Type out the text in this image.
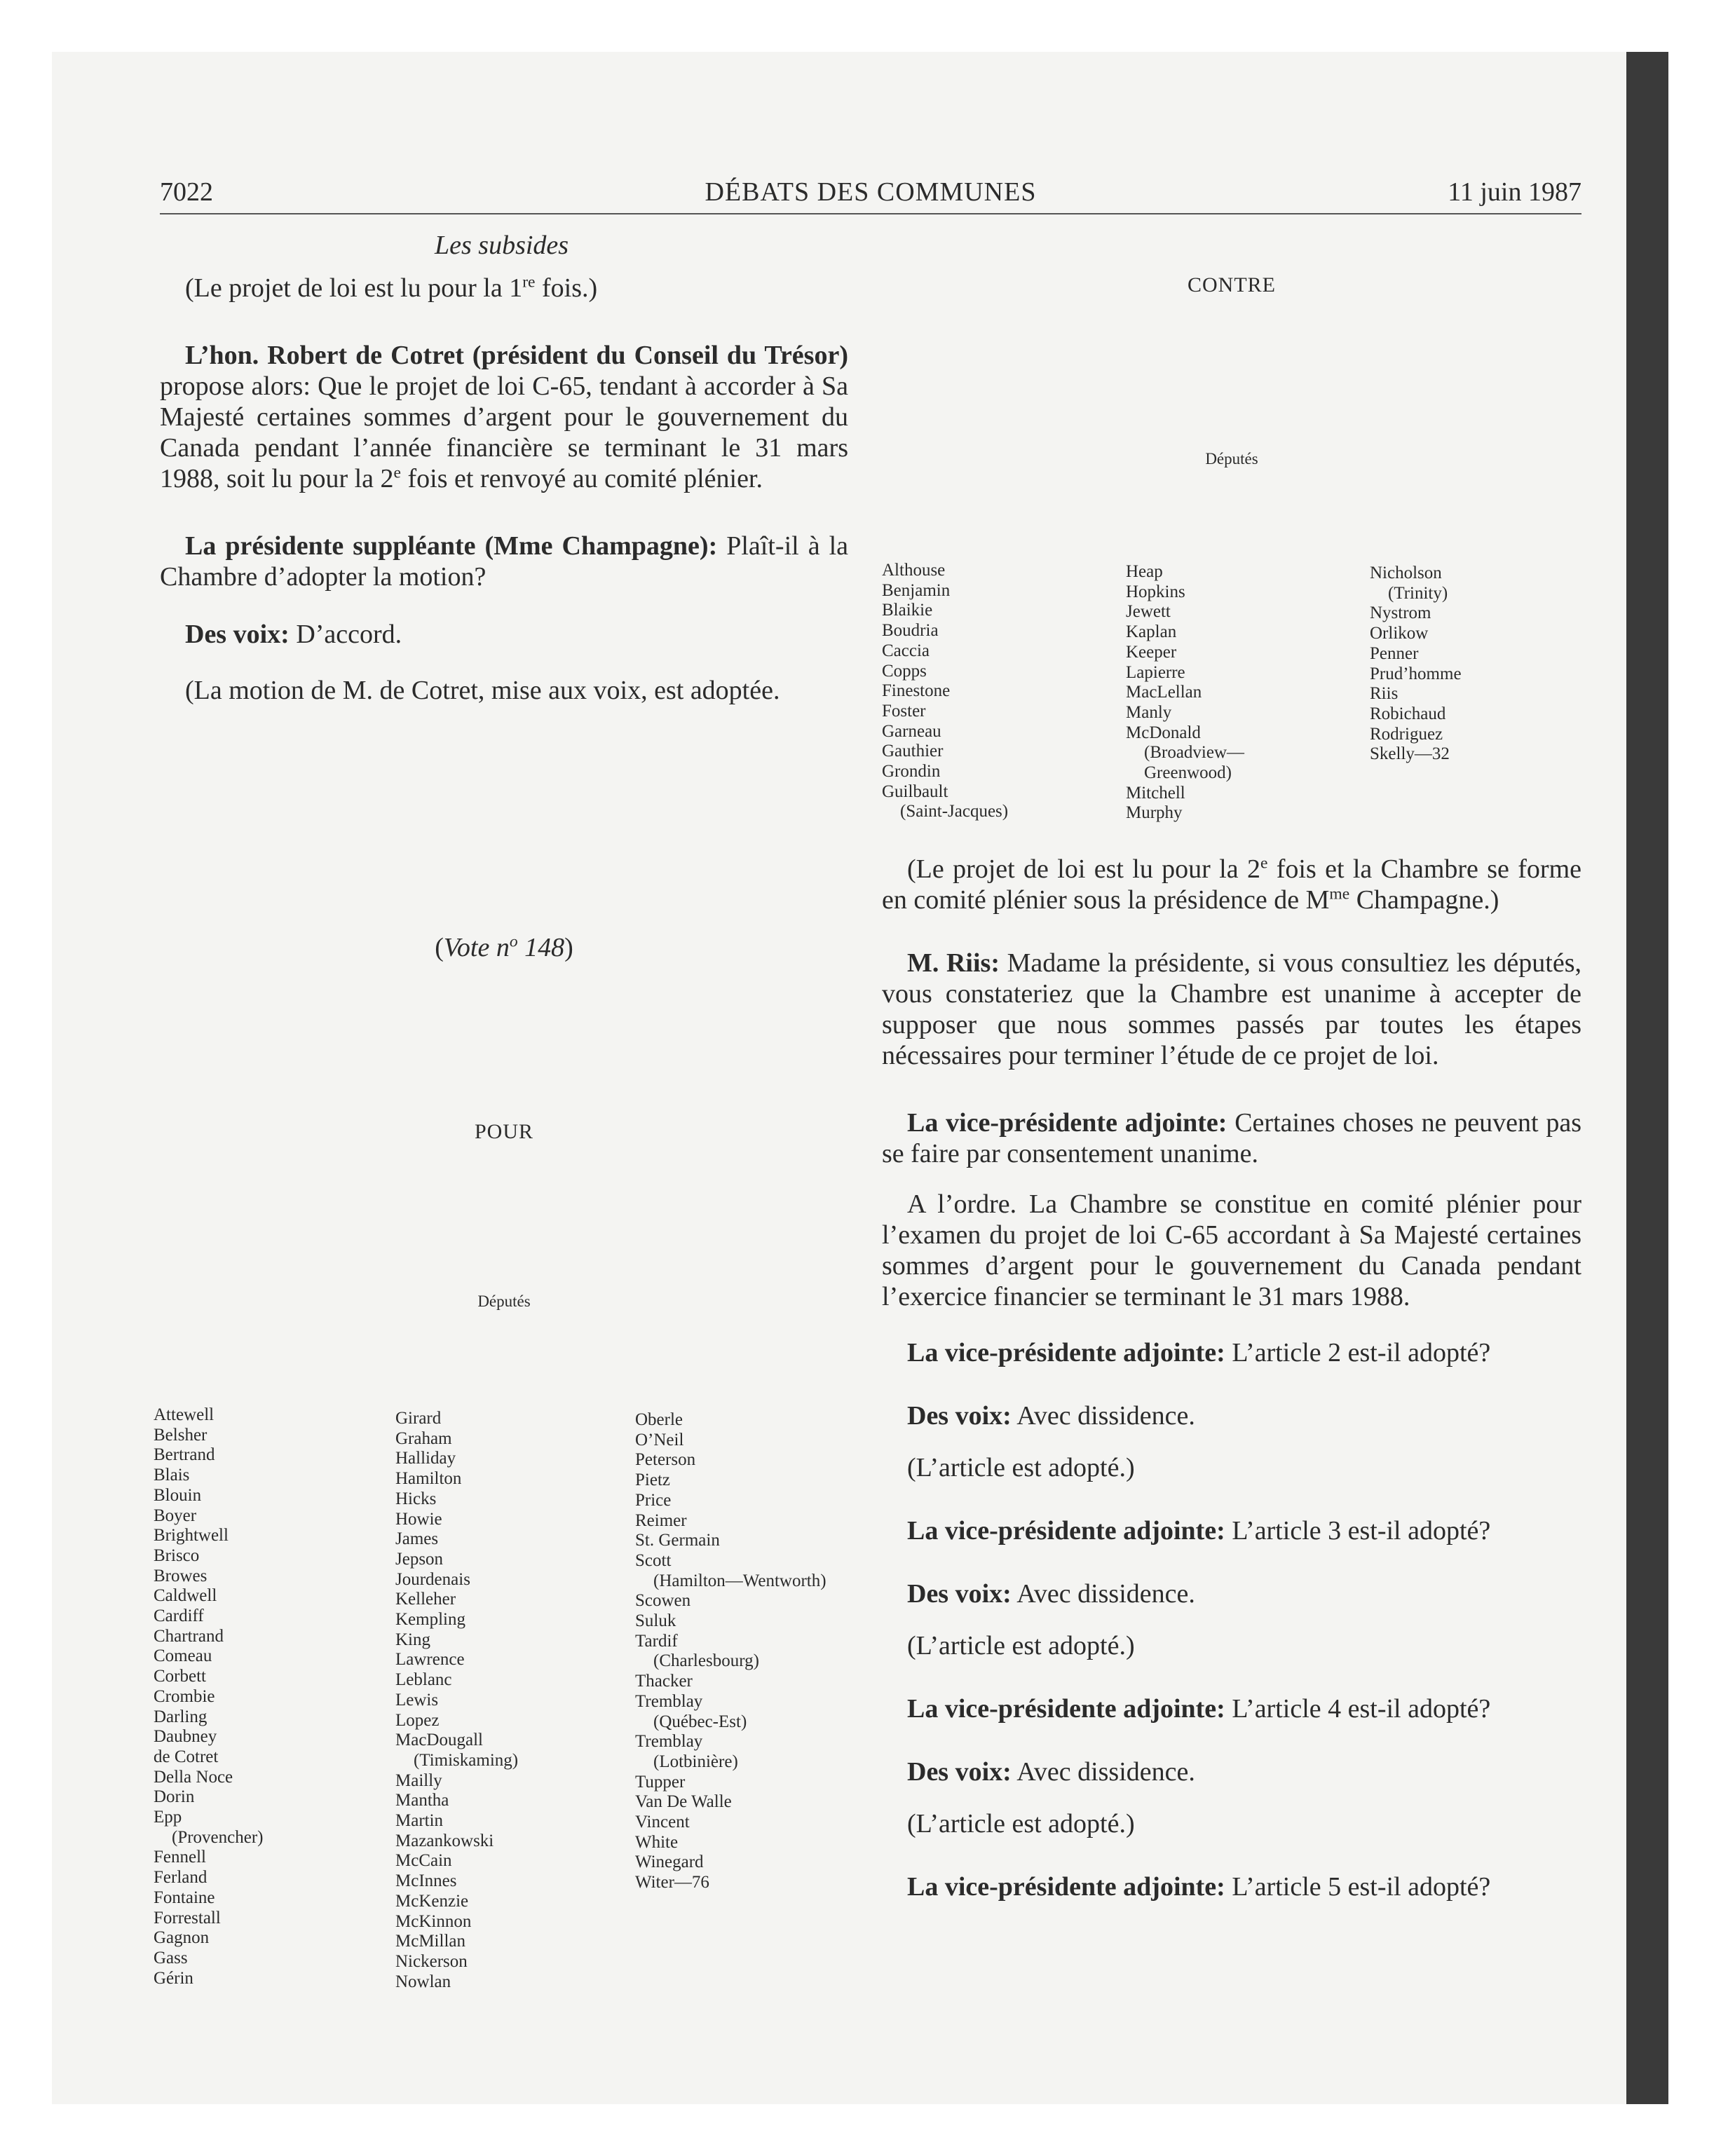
7022	DÉBATS DES COMMUNES	11 juin 1987
Les subsides

(Le projet de loi est lu pour la 1re fois.)

L’hon. Robert de Cotret (président du Conseil du Trésor) propose alors: Que le projet de loi C-65, tendant à accorder à Sa Majesté certaines sommes d’argent pour le gouvernement du Canada pendant l’année financière se terminant le 31 mars 1988, soit lu pour la 2e fois et renvoyé au comité plénier.

La présidente suppléante (Mme Champagne): Plaît-il à la Chambre d’adopter la motion?

Des voix: D’accord.

(La motion de M. de Cotret, mise aux voix, est adoptée.

(Vote $n^o$ 148)
POUR
Députés
Attewell
Belsher
Bertrand
Blais
Blouin
Boyer
Brightwell
Brisco
Browes
Caldwell
Cardiff
Chartrand
Comeau
Corbett
Crombie
Darling
Daubney
de Cotret
Della Noce
Dorin
Epp
(Provencher)
Fennell
Ferland
Fontaine
Forrestall
Gagnon
Gass
Gérin
Girard
Graham
Halliday
Hamilton
Hicks
Howie
James
Jepson
Jourdenais
Kelleher
Kempling
King
Lawrence
Leblanc
Lewis
Lopez
MacDougall
(Timiskaming)
Mailly
Mantha
Martin
Mazankowski
McCain
McInnes
McKenzie
McKinnon
McMillan
Nickerson
Nowlan
Oberle
O’Neil
Peterson
Pietz
Price
Reimer
St. Germain
Scott
(Hamilton—Wentworth)
Scowen
Suluk
Tardif
(Charlesbourg)
Thacker
Tremblay
(Québec-Est)
Tremblay
(Lotbinière)
Tupper
Van De Walle
Vincent
White
Winegard
Witer—76
CONTRE
Députés
Althouse
Benjamin
Blaikie
Boudria
Caccia
Copps
Finestone
Foster
Garneau
Gauthier
Grondin
Guilbault
(Saint-Jacques)
Heap
Hopkins
Jewett
Kaplan
Keeper
Lapierre
MacLellan
Manly
McDonald
(Broadview—
Greenwood)
Mitchell
Murphy
Nicholson
(Trinity)
Nystrom
Orlikow
Penner
Prud’homme
Riis
Robichaud
Rodriguez
Skelly—32

(Le projet de loi est lu pour la 2e fois et la Chambre se forme en comité plénier sous la présidence de $M^{me}$ Champagne.)

M. Riis: Madame la présidente, si vous consultiez les députés, vous constateriez que la Chambre est unanime à accepter de supposer que nous sommes passés par toutes les étapes nécessaires pour terminer l’étude de ce projet de loi.

La vice-présidente adjointe: Certaines choses ne peuvent pas se faire par consentement unanime.

A l’ordre. La Chambre se constitue en comité plénier pour l’examen du projet de loi C-65 accordant à Sa Majesté certaines sommes d’argent pour le gouvernement du Canada pendant l’exercice financier se terminant le 31 mars 1988.

La vice-présidente adjointe: L’article 2 est-il adopté?

Des voix: Avec dissidence.

(L’article est adopté.)

La vice-présidente adjointe: L’article 3 est-il adopté?

Des voix: Avec dissidence.

(L’article est adopté.)

La vice-présidente adjointe: L’article 4 est-il adopté?

Des voix: Avec dissidence.

(L’article est adopté.)

La vice-présidente adjointe: L’article 5 est-il adopté?
